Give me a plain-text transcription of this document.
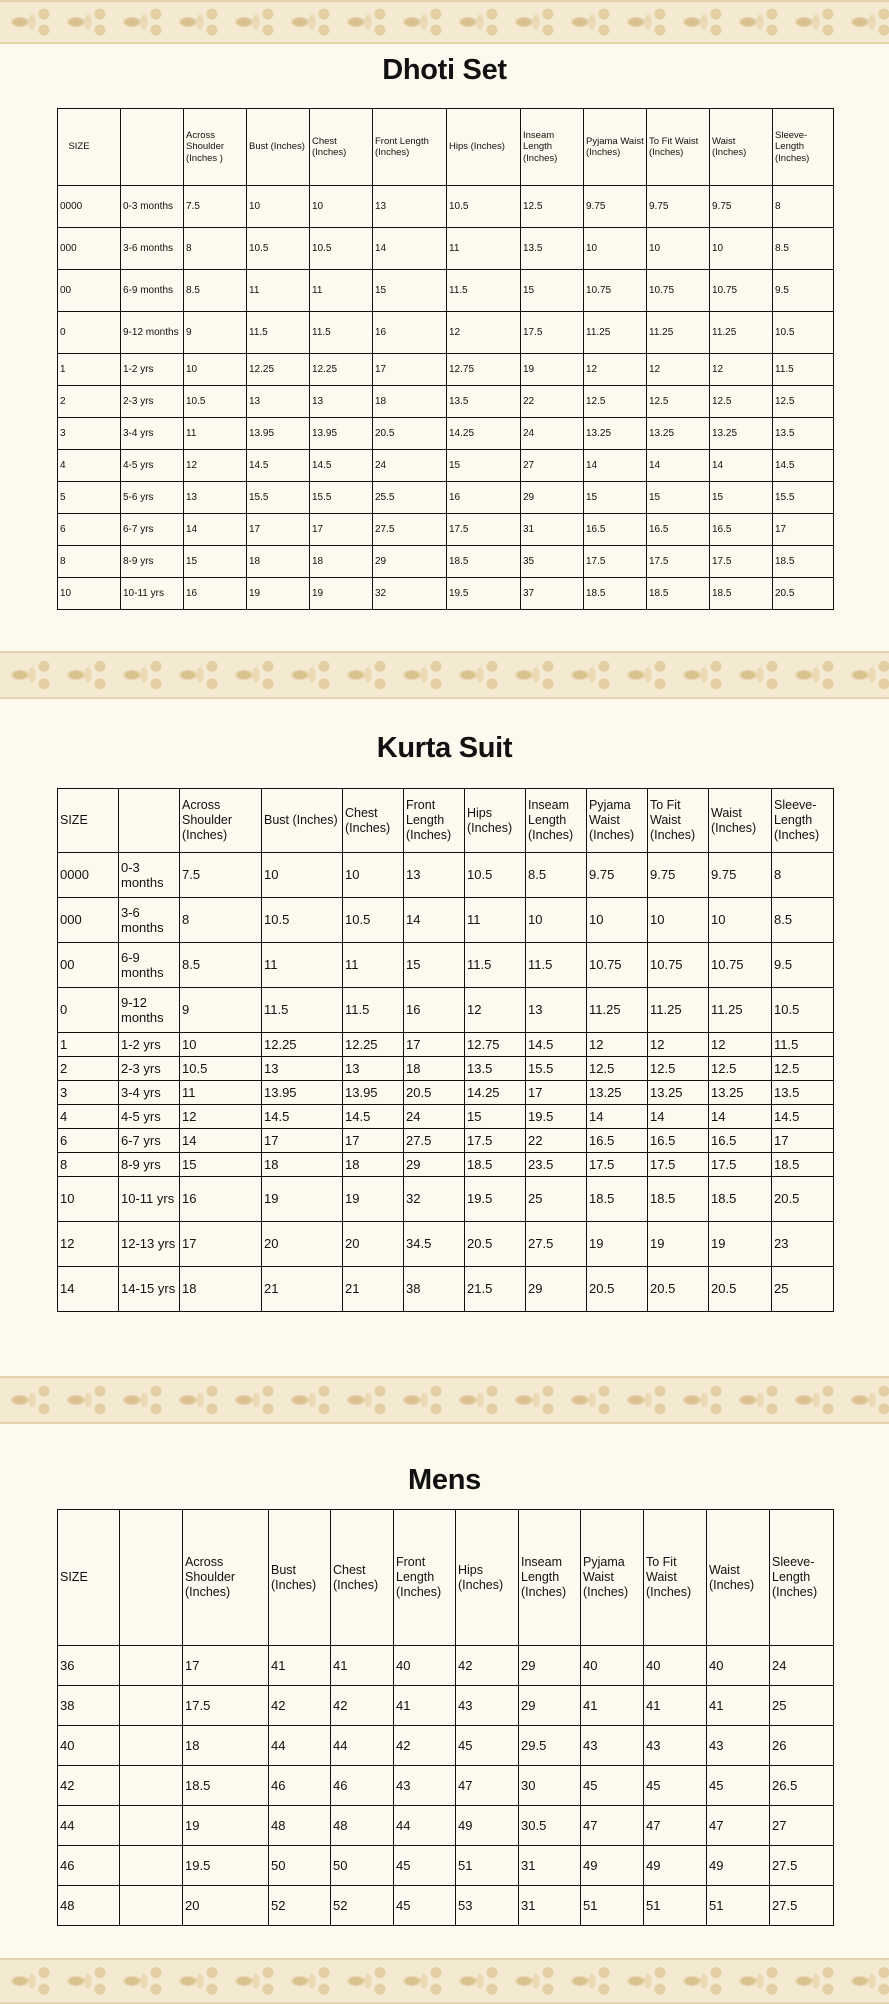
Dhoti Set
SIZE		Across Shoulder (Inches )	Bust (Inches)	Chest (Inches)	Front Length (Inches)	Hips (Inches)	Inseam Length (Inches)	Pyjama Waist (Inches)	To Fit Waist (Inches)	Waist (Inches)	Sleeve-Length (Inches)
0000	0-3 months	7.5	10	10	13	10.5	12.5	9.75	9.75	9.75	8
000	3-6 months	8	10.5	10.5	14	11	13.5	10	10	10	8.5
00	6-9 months	8.5	11	11	15	11.5	15	10.75	10.75	10.75	9.5
0	9-12 months	9	11.5	11.5	16	12	17.5	11.25	11.25	11.25	10.5
1	1-2 yrs	10	12.25	12.25	17	12.75	19	12	12	12	11.5
2	2-3 yrs	10.5	13	13	18	13.5	22	12.5	12.5	12.5	12.5
3	3-4 yrs	11	13.95	13.95	20.5	14.25	24	13.25	13.25	13.25	13.5
4	4-5 yrs	12	14.5	14.5	24	15	27	14	14	14	14.5
5	5-6 yrs	13	15.5	15.5	25.5	16	29	15	15	15	15.5
6	6-7 yrs	14	17	17	27.5	17.5	31	16.5	16.5	16.5	17
8	8-9 yrs	15	18	18	29	18.5	35	17.5	17.5	17.5	18.5
10	10-11 yrs	16	19	19	32	19.5	37	18.5	18.5	18.5	20.5
Kurta Suit
SIZE		Across Shoulder (Inches)	Bust (Inches)	Chest (Inches)	Front Length (Inches)	Hips (Inches)	Inseam Length (Inches)	Pyjama Waist (Inches)	To Fit Waist (Inches)	Waist (Inches)	Sleeve-Length (Inches)
0000	0-3 months	7.5	10	10	13	10.5	8.5	9.75	9.75	9.75	8
000	3-6 months	8	10.5	10.5	14	11	10	10	10	10	8.5
00	6-9 months	8.5	11	11	15	11.5	11.5	10.75	10.75	10.75	9.5
0	9-12 months	9	11.5	11.5	16	12	13	11.25	11.25	11.25	10.5
1	1-2 yrs	10	12.25	12.25	17	12.75	14.5	12	12	12	11.5
2	2-3 yrs	10.5	13	13	18	13.5	15.5	12.5	12.5	12.5	12.5
3	3-4 yrs	11	13.95	13.95	20.5	14.25	17	13.25	13.25	13.25	13.5
4	4-5 yrs	12	14.5	14.5	24	15	19.5	14	14	14	14.5
6	6-7 yrs	14	17	17	27.5	17.5	22	16.5	16.5	16.5	17
8	8-9 yrs	15	18	18	29	18.5	23.5	17.5	17.5	17.5	18.5
10	10-11 yrs	16	19	19	32	19.5	25	18.5	18.5	18.5	20.5
12	12-13 yrs	17	20	20	34.5	20.5	27.5	19	19	19	23
14	14-15 yrs	18	21	21	38	21.5	29	20.5	20.5	20.5	25
Mens
SIZE		Across Shoulder (Inches)	Bust (Inches)	Chest (Inches)	Front Length (Inches)	Hips (Inches)	Inseam Length (Inches)	Pyjama Waist (Inches)	To Fit Waist (Inches)	Waist (Inches)	Sleeve-Length (Inches)
36		17	41	41	40	42	29	40	40	40	24
38		17.5	42	42	41	43	29	41	41	41	25
40		18	44	44	42	45	29.5	43	43	43	26
42		18.5	46	46	43	47	30	45	45	45	26.5
44		19	48	48	44	49	30.5	47	47	47	27
46		19.5	50	50	45	51	31	49	49	49	27.5
48		20	52	52	45	53	31	51	51	51	27.5
